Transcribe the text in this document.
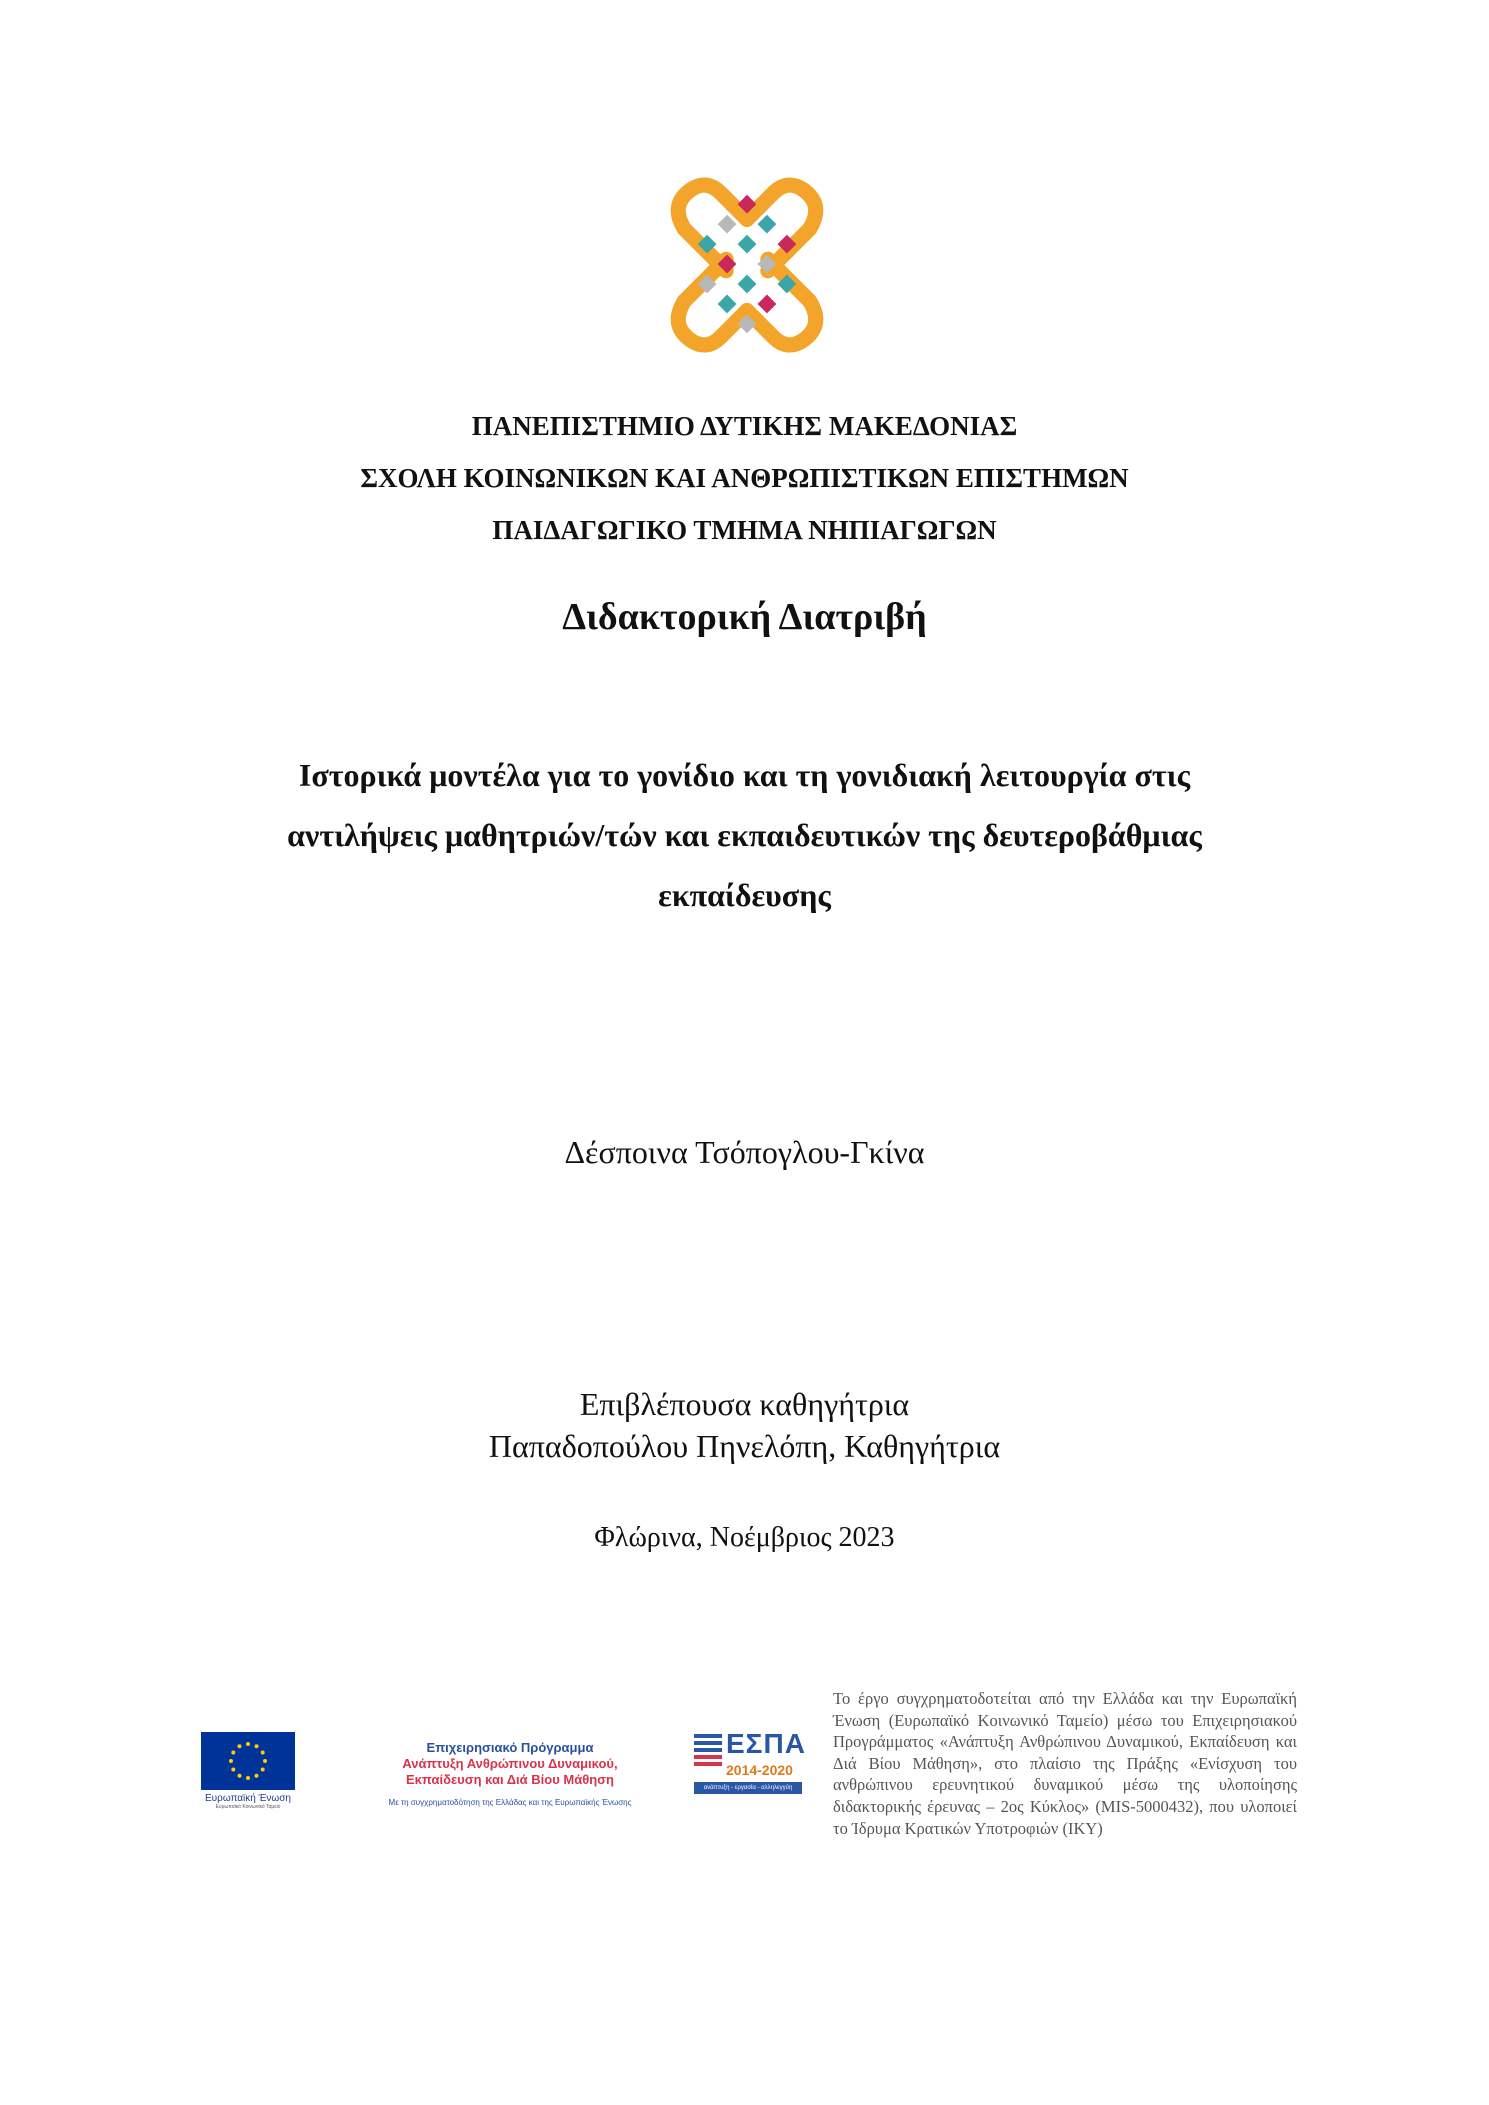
ΠΑΝΕΠΙΣΤΗΜΙΟ ΔΥΤΙΚΗΣ ΜΑΚΕΔΟΝΙΑΣ
ΣΧΟΛΗ ΚΟΙΝΩΝΙΚΩΝ ΚΑΙ ΑΝΘΡΩΠΙΣΤΙΚΩΝ ΕΠΙΣΤΗΜΩΝ
ΠΑΙΔΑΓΩΓΙΚΟ ΤΜΗΜΑ ΝΗΠΙΑΓΩΓΩΝ
Διδακτορική Διατριβή
Ιστορικά μοντέλα για το γονίδιο και τη γονιδιακή λειτουργία στις
αντιλήψεις μαθητριών/τών και εκπαιδευτικών της δευτεροβάθμιας
εκπαίδευσης
Δέσποινα Τσόπογλου-Γκίνα
Επιβλέπουσα καθηγήτρια
Παπαδοπούλου Πηνελόπη, Καθηγήτρια
Φλώρινα, Νοέμβριος 2023
Ευρωπαϊκή Ένωση
Ευρωπαϊκό Κοινωνικό Ταμείο
Επιχειρησιακό Πρόγραμμα
Ανάπτυξη Ανθρώπινου Δυναμικού,
Εκπαίδευση και Διά Βίου Μάθηση
Με τη συγχρηματοδότηση της Ελλάδας και της Ευρωπαϊκής Ένωσης
ΕΣΠΑ
2014-2020
ανάπτυξη - εργασία - αλληλεγγύη
Το έργο συγχρηματοδοτείται από την Ελλάδα και την Ευρωπαϊκή Ένωση (Ευρωπαϊκό Κοινωνικό Ταμείο) μέσω του Επιχειρησιακού Προγράμματος «Ανάπτυξη Ανθρώπινου Δυναμικού, Εκπαίδευση και Διά Βίου Μάθηση», στο πλαίσιο της Πράξης «Ενίσχυση του ανθρώπινου ερευνητικού δυναμικού μέσω της υλοποίησης διδακτορικής έρευνας – 2ος Κύκλος» (MIS-5000432), που υλοποιεί το Ίδρυμα Κρατικών Υποτροφιών (ΙΚΥ)
